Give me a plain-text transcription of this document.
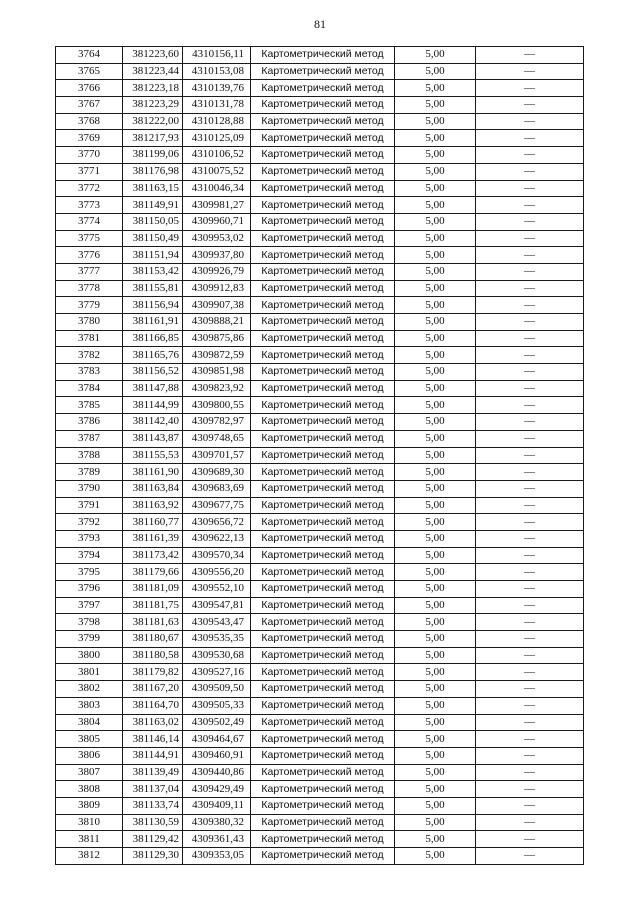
81
3764	381223,60	4310156,11	Картометрический метод	5,00	—
3765	381223,44	4310153,08	Картометрический метод	5,00	—
3766	381223,18	4310139,76	Картометрический метод	5,00	—
3767	381223,29	4310131,78	Картометрический метод	5,00	—
3768	381222,00	4310128,88	Картометрический метод	5,00	—
3769	381217,93	4310125,09	Картометрический метод	5,00	—
3770	381199,06	4310106,52	Картометрический метод	5,00	—
3771	381176,98	4310075,52	Картометрический метод	5,00	—
3772	381163,15	4310046,34	Картометрический метод	5,00	—
3773	381149,91	4309981,27	Картометрический метод	5,00	—
3774	381150,05	4309960,71	Картометрический метод	5,00	—
3775	381150,49	4309953,02	Картометрический метод	5,00	—
3776	381151,94	4309937,80	Картометрический метод	5,00	—
3777	381153,42	4309926,79	Картометрический метод	5,00	—
3778	381155,81	4309912,83	Картометрический метод	5,00	—
3779	381156,94	4309907,38	Картометрический метод	5,00	—
3780	381161,91	4309888,21	Картометрический метод	5,00	—
3781	381166,85	4309875,86	Картометрический метод	5,00	—
3782	381165,76	4309872,59	Картометрический метод	5,00	—
3783	381156,52	4309851,98	Картометрический метод	5,00	—
3784	381147,88	4309823,92	Картометрический метод	5,00	—
3785	381144,99	4309800,55	Картометрический метод	5,00	—
3786	381142,40	4309782,97	Картометрический метод	5,00	—
3787	381143,87	4309748,65	Картометрический метод	5,00	—
3788	381155,53	4309701,57	Картометрический метод	5,00	—
3789	381161,90	4309689,30	Картометрический метод	5,00	—
3790	381163,84	4309683,69	Картометрический метод	5,00	—
3791	381163,92	4309677,75	Картометрический метод	5,00	—
3792	381160,77	4309656,72	Картометрический метод	5,00	—
3793	381161,39	4309622,13	Картометрический метод	5,00	—
3794	381173,42	4309570,34	Картометрический метод	5,00	—
3795	381179,66	4309556,20	Картометрический метод	5,00	—
3796	381181,09	4309552,10	Картометрический метод	5,00	—
3797	381181,75	4309547,81	Картометрический метод	5,00	—
3798	381181,63	4309543,47	Картометрический метод	5,00	—
3799	381180,67	4309535,35	Картометрический метод	5,00	—
3800	381180,58	4309530,68	Картометрический метод	5,00	—
3801	381179,82	4309527,16	Картометрический метод	5,00	—
3802	381167,20	4309509,50	Картометрический метод	5,00	—
3803	381164,70	4309505,33	Картометрический метод	5,00	—
3804	381163,02	4309502,49	Картометрический метод	5,00	—
3805	381146,14	4309464,67	Картометрический метод	5,00	—
3806	381144,91	4309460,91	Картометрический метод	5,00	—
3807	381139,49	4309440,86	Картометрический метод	5,00	—
3808	381137,04	4309429,49	Картометрический метод	5,00	—
3809	381133,74	4309409,11	Картометрический метод	5,00	—
3810	381130,59	4309380,32	Картометрический метод	5,00	—
3811	381129,42	4309361,43	Картометрический метод	5,00	—
3812	381129,30	4309353,05	Картометрический метод	5,00	—
